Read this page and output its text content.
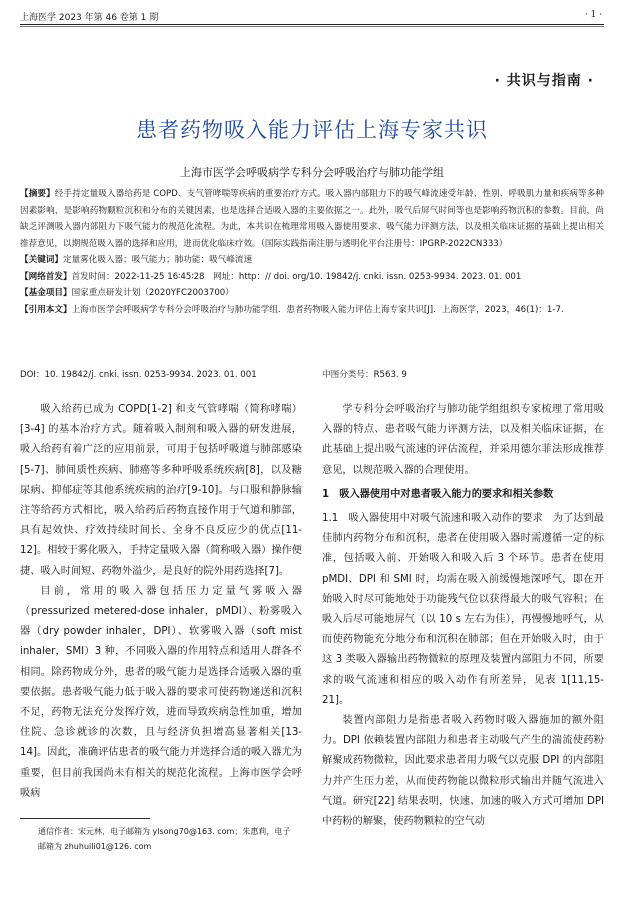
上海医学 2023 年第 46 卷第 1 期	· 1 ·
· 共识与指南 ·
患者药物吸入能力评估上海专家共识
上海市医学会呼吸病学专科分会呼吸治疗与肺功能学组
【摘要】经手持定量吸入器给药是 COPD、支气管哮喘等疾病的重要治疗方式。吸入器内部阻力下的吸气峰流速受年龄、性别、呼吸肌力量和疾病等多种因素影响，是影响药物颗粒沉积和分布的关键因素，也是选择合适吸入器的主要依据之一。此外，吸气后屏气时间等也是影响药物沉积的参数。目前，尚缺乏评测吸入器内部阻力下吸气能力的规范化流程。为此，本共识在梳理常用吸入器使用要求、吸气能力评测方法，以及相关临床证据的基础上提出相关推荐意见，以期规范吸入器的选择和应用，进而优化临床疗效。（国际实践指南注册与透明化平台注册号：IPGRP-2022CN333）
【关键词】定量雾化吸入器；吸气能力；肺功能；吸气峰流速
【网络首发】首发时间：2022-11-25 16∶45∶28　网址：http：// doi. org/10. 19842/j. cnki. issn. 0253-9934. 2023. 01. 001
【基金项目】国家重点研发计划（2020YFC2003700）
【引用本文】上海市医学会呼吸病学专科分会呼吸治疗与肺功能学组．患者药物吸入能力评估上海专家共识[J]．上海医学，2023，46(1)：1-7.
DOI：10. 19842/j. cnki. issn. 0253-9934. 2023. 01. 001	中图分类号：R563. 9

吸入给药已成为 COPD[1-2] 和支气管哮喘（简称哮喘）[3-4] 的基本治疗方式。随着吸入制剂和吸入器的研发进展，吸入给药有着广泛的应用前景，可用于包括呼吸道与肺部感染[5-7]、肺间质性疾病、肺癌等多种呼吸系统疾病[8]，以及糖尿病、抑郁症等其他系统疾病的治疗[9-10]。与口服和静脉输注等给药方式相比，吸入给药后药物直接作用于气道和肺部，具有起效快、疗效持续时间长、全身不良反应少的优点[11-12]。相较于雾化吸入，手持定量吸入器（简称吸入器）操作便捷、吸入时间短、药物外溢少，是良好的院外用药选择[7]。

目前，常用的吸入器包括压力定量气雾吸入器（pressurized metered-dose inhaler，pMDI）、粉雾吸入器（dry powder inhaler，DPI）、软雾吸入器（soft mist inhaler，SMI）3 种，不同吸入器的作用特点和适用人群各不相同。除药物成分外，患者的吸气能力是选择合适吸入器的重要依据。患者吸气能力低于吸入器的要求可使药物递送和沉积不足，药物无法充分发挥疗效，进而导致疾病急性加重，增加住院、急诊就诊的次数，且与经济负担增高显著相关[13-14]。因此，准确评估患者的吸气能力并选择合适的吸入器尤为重要，但目前我国尚未有相关的规范化流程。上海市医学会呼吸病

学专科分会呼吸治疗与肺功能学组组织专家梳理了常用吸入器的特点、患者吸气能力评测方法，以及相关临床证据，在此基础上提出吸气流速的评估流程，并采用德尔菲法形成推荐意见，以规范吸入器的合理使用。

1　吸入器使用中对患者吸入能力的要求和相关参数

1.1　吸入器使用中对吸气流速和吸入动作的要求　为了达到最佳肺内药物分布和沉积，患者在使用吸入器时需遵循一定的标准，包括吸入前、开始吸入和吸入后 3 个环节。患者在使用 pMDI、DPI 和 SMI 时，均需在吸入前缓慢地深呼气，即在开始吸入时尽可能地处于功能残气位以获得最大的吸气容积；在吸入后尽可能地屏气（以 10 s 左右为佳），再慢慢地呼气，从而使药物能充分地分布和沉积在肺部；但在开始吸入时，由于这 3 类吸入器输出药物微粒的原理及装置内部阻力不同，所要求的吸气流速和相应的吸入动作有所差异，见表 1[11,15-21]。

装置内部阻力是指患者吸入药物时吸入器施加的额外阻力。DPI 依赖装置内部阻力和患者主动吸气产生的湍流使药粉解聚成药物微粒，因此要求患者用力吸气以克服 DPI 的内部阻力并产生压力差，从而使药物能以微粒形式输出并随气流进入气道。研究[22] 结果表明，快速、加速的吸入方式可增加 DPI 中药粉的解聚，使药物颗粒的空气动

通信作者：宋元林，电子邮箱为 ylsong70@163. com；朱惠莉，电子邮箱为 zhuhuili01@126. com
